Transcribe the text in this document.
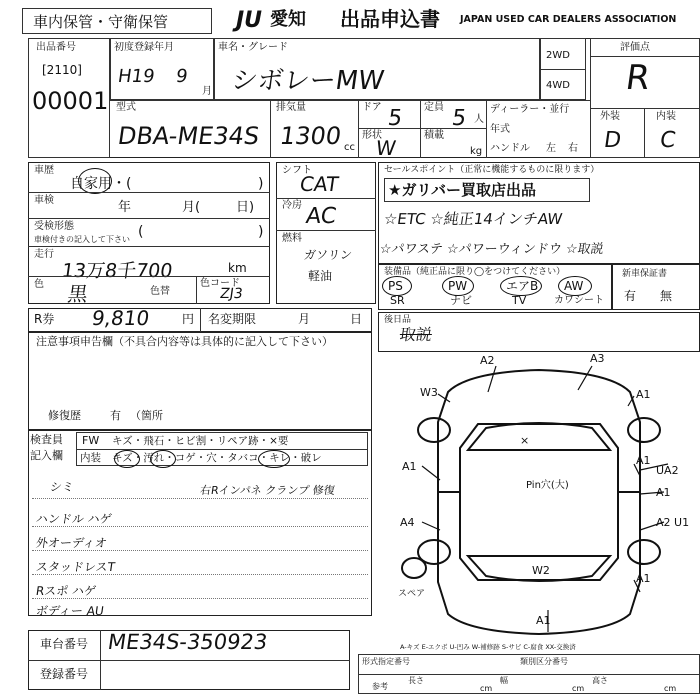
車内保管・守衛保管	JU 愛知 出品申込書 JAPAN USED CAR DEALERS ASSOCIATION
出品番号
[2110]
00001
初度登録年月
H19 9
月
車名・グレード
シボレーMW
2WD
4WD
評価点
R
外装	内装
D C
型式
DBA-ME34S
排気量
1300 cc
ドア 5
形状
W
定員 5 人
積載
kg
ディーラー・並行
年式
ハンドル 左 右
車歴
自家用・(	)
車検	年	月(	日)
受検形態
車検付きの記入して下さい (	)
走行
13万8千700	km
色 黒	色替
色コード
ZJ3
シフト
CAT
冷房 AC
燃料
ガソリン
軽油
セールスポイント（正常に機能するものに限ります）
★ガリバー買取店出品
☆ETC ☆純正14インチAW
☆パワステ ☆パワーウィンドウ ☆取説
装備品（純正品に限り◯をつけてください）
PS	PW	エアB AW
SR	ナビ	TV	カワシート
新車保証書
有 無
R券 9,810	円 名変期限	月	日 後日品
取説
注意事項申告欄（不具合内容等は具体的に記入して下さい）
修復歴	有 （箇所
検査員
記入欄
FW キズ・飛石・ヒビ割・リペア跡・×要
内装 キズ・汚れ・コゲ・穴・タバコ・キレ・破レ
シミ	右Rインパネ クランプ 修復
ハンドル ハゲ
外オーディオ
スタッドレスT
Rスポ ハゲ
ボディー AU
車台番号 ME34S-350923
登録番号
A2	A3
W3	A1
A1
A1	UA2
A1
A4	A2 U1
A1
W2
A1
×
Pin穴(大)
スペア
A-キズ E-エクボ U-凹み W-補修跡 S-サビ C-腐食 XX-交換済
形式指定番号	類別区分番号
参考
長さ
cm
幅
cm
高さ
cm
